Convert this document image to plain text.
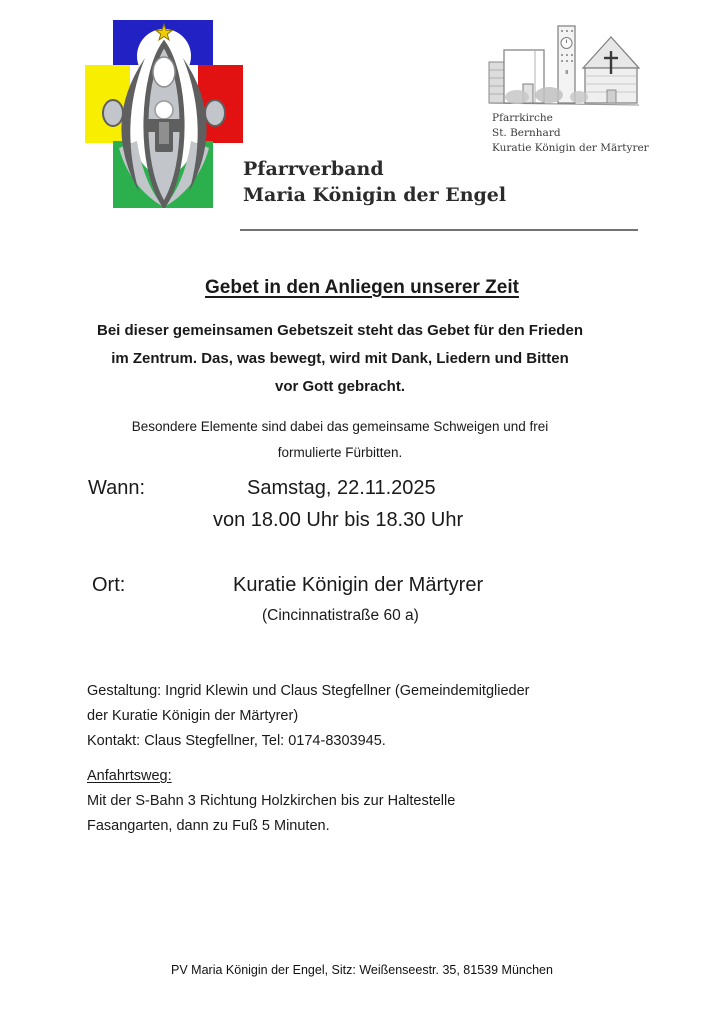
Pfarrkirche
St. Bernhard
Kuratie Königin der Märtyrer
Pfarrverband
Maria Königin der Engel
Gebet in den Anliegen unserer Zeit
Bei dieser gemeinsamen Gebetszeit steht das Gebet für den Frieden
im Zentrum. Das, was bewegt, wird mit Dank, Liedern und Bitten
vor Gott gebracht.
Besondere Elemente sind dabei das gemeinsame Schweigen und frei
formulierte Fürbitten.
Wann:	Samstag, 22.11.2025
von 18.00 Uhr bis 18.30 Uhr
Ort:	Kuratie Königin der Märtyrer
(Cincinnatistraße 60 a)
Gestaltung: Ingrid Klewin und Claus Stegfellner (Gemeindemitglieder
der Kuratie Königin der Märtyrer)
Kontakt: Claus Stegfellner, Tel: 0174-8303945.
Anfahrtsweg:
Mit der S-Bahn 3 Richtung Holzkirchen bis zur Haltestelle
Fasangarten, dann zu Fuß 5 Minuten.
PV Maria Königin der Engel, Sitz: Weißenseestr. 35, 81539 München
